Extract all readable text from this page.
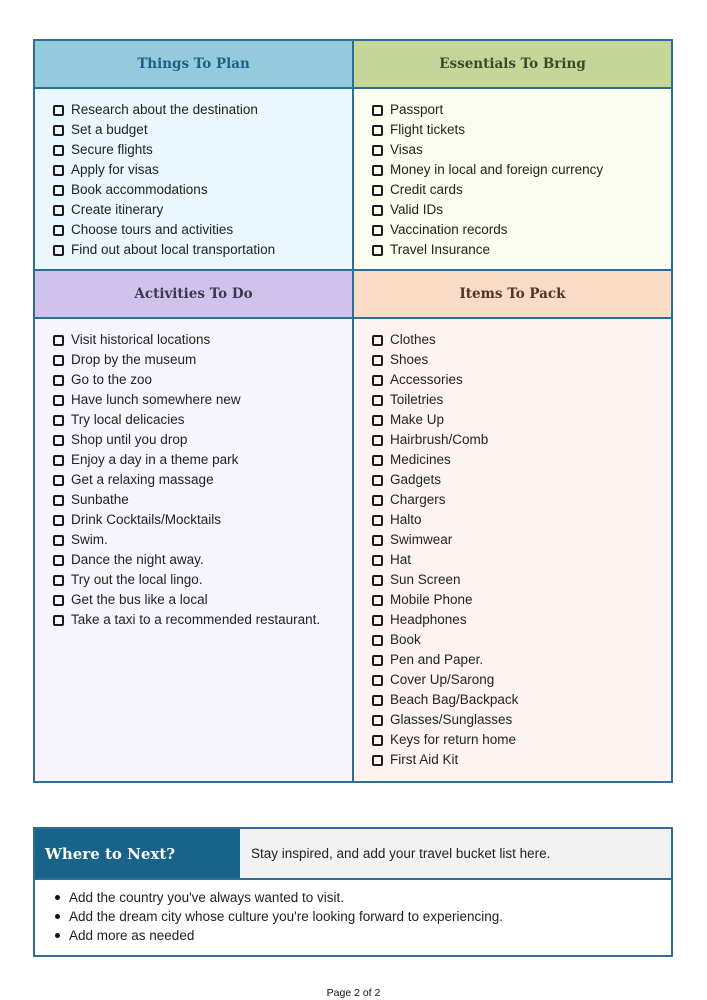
Things To Plan
Research about the destination
Set a budget
Secure flights
Apply for visas
Book accommodations
Create itinerary
Choose tours and activities
Find out about local transportation
Essentials To Bring
Passport
Flight tickets
Visas
Money in local and foreign currency
Credit cards
Valid IDs
Vaccination records
Travel Insurance
Activities To Do
Visit historical locations
Drop by the museum
Go to the zoo
Have lunch somewhere new
Try local delicacies
Shop until you drop
Enjoy a day in a theme park
Get a relaxing massage
Sunbathe
Drink Cocktails/Mocktails
Swim.
Dance the night away.
Try out the local lingo.
Get the bus like a local
Take a taxi to a recommended restaurant.
Items To Pack
Clothes
Shoes
Accessories
Toiletries
Make Up
Hairbrush/Comb
Medicines
Gadgets
Chargers
Halto
Swimwear
Hat
Sun Screen
Mobile Phone
Headphones
Book
Pen and Paper.
Cover Up/Sarong
Beach Bag/Backpack
Glasses/Sunglasses
Keys for return home
First Aid Kit
Where to Next?	Stay inspired, and add your travel bucket list here.
Add the country you've always wanted to visit.
Add the dream city whose culture you're looking forward to experiencing.
Add more as needed
Page 2 of 2
